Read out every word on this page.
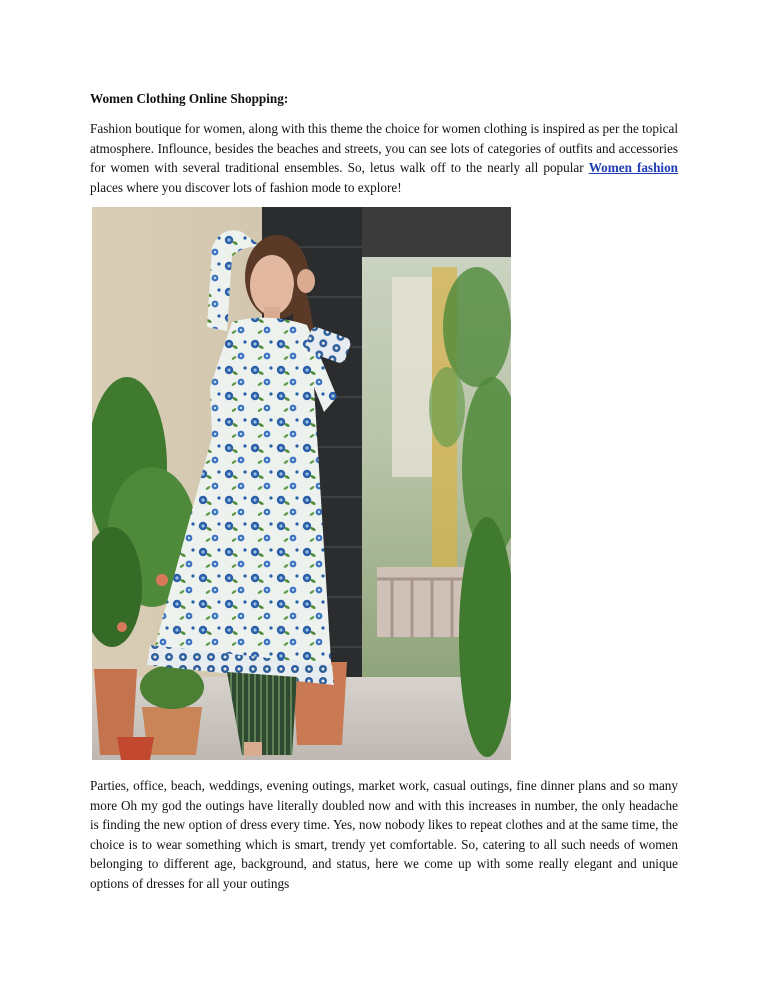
Women Clothing Online Shopping:

Fashion boutique for women, along with this theme the choice for women clothing is inspired as per the topical atmosphere. Inflounce, besides the beaches and streets, you can see lots of categories of outfits and accessories for women with several traditional ensembles. So, letus walk off to the nearly all popular Women fashion places where you discover lots of fashion mode to explore!

Parties, office, beach, weddings, evening outings, market work, casual outings, fine dinner plans and so many more Oh my god the outings have literally doubled now and with this increases in number, the only headache is finding the new option of dress every time. Yes, now nobody likes to repeat clothes and at the same time, the choice is to wear something which is smart, trendy yet comfortable. So, catering to all such needs of women belonging to different age, background, and status, here we come up with some really elegant and unique options of dresses for all your outings
